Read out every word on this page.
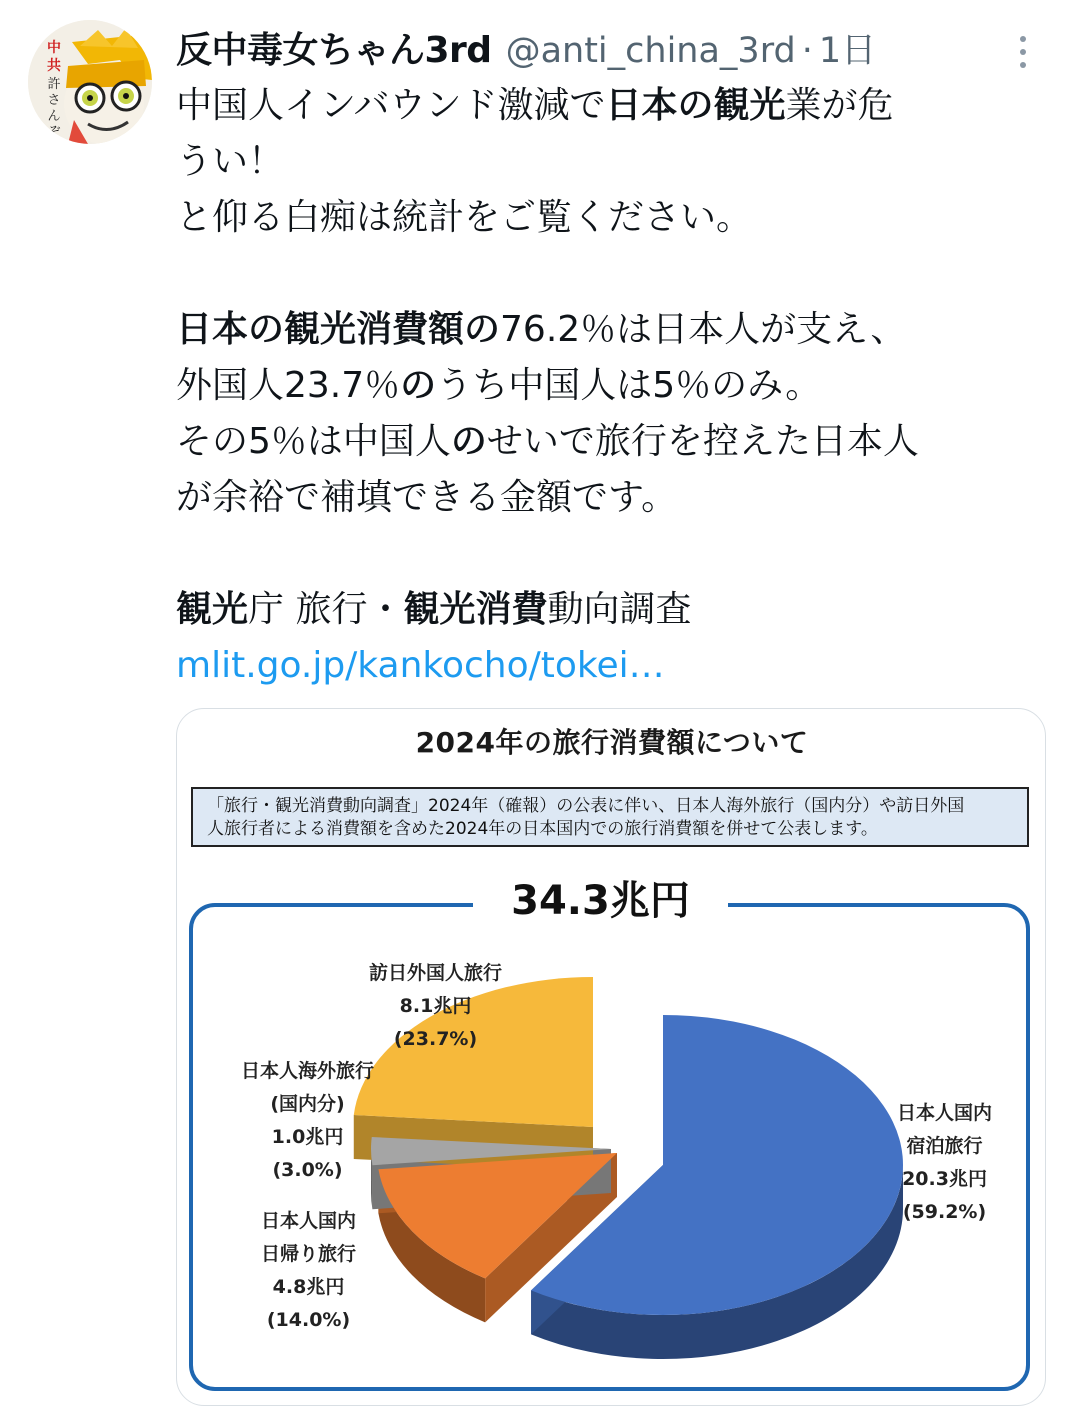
中
共
許
さ
ん
ぞ
反中毒女ちゃん3rd @anti_china_3rd · 1日
中国人インバウンド激減で日本の観光業が危
うい！
と仰る白痴は統計をご覧ください。
日本の観光消費額の76.2％は日本人が支え、
外国人23.7％のうち中国人は5％のみ。
その5％は中国人のせいで旅行を控えた日本人
が余裕で補填できる金額です。
観光庁 旅行・観光消費動向調査
mlit.go.jp/kankocho/tokei…
2024年の旅行消費額について
「旅行・観光消費動向調査」2024年（確報）の公表に伴い、日本人海外旅行（国内分）や訪日外国
人旅行者による消費額を含めた2024年の日本国内での旅行消費額を併せて公表します。
34.3兆円
日本人国内
宿泊旅行
20.3兆円
(59.2%)
日本人国内
日帰り旅行
4.8兆円
(14.0%)
日本人海外旅行
(国内分)
1.0兆円
(3.0%)
訪日外国人旅行
8.1兆円
(23.7%)
